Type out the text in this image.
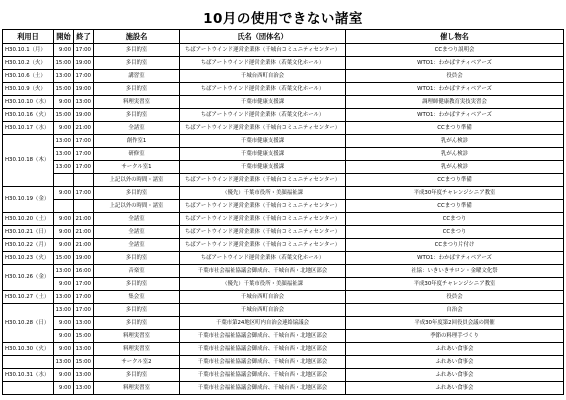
10月の使用できない諸室
利用日	開始	終了	施設名	氏名（団体名）	催し物名
H30.10.1（月）	9:00	17:00	多目的室	ちばアートウインド運営企業体（千城台コミュニティセンター）	CCまつり説明会
H30.10.2（火）	15:00	19:00	多目的室	ちばアートウインド運営企業体（若葉文化ホール）	WTO1：わかばすティベアーズ
H30.10.6（土）	13:00	17:00	講習室	千城台西町自治会	役員会
H30.10.9（火）	15:00	19:00	多目的室	ちばアートウインド運営企業体（若葉文化ホール）	WTO1：わかばすティベアーズ
H30.10.10（水）	9:00	13:00	料理実習室	千葉市健康支援課	調理師健康教育実技実習会
H30.10.16（火）	15:00	19:00	多目的室	ちばアートウインド運営企業体（若葉文化ホール）	WTO1：わかばすティベアーズ
H30.10.17（水）	9:00	21:00	全諸室	ちばアートウインド運営企業体（千城台コミュニティセンター）	CCまつり準備
H30.10.18（木）	13:00	17:00	創作室1	千葉市健康支援課	乳がん検診
	13:00	17:00	研修室	千葉市健康支援課	乳がん検診
	13:00	17:00	サークル室1	千葉市健康支援課	乳がん検診
			上記以外の時間・諸室	ちばアートウインド運営企業体（千城台コミュニティセンター）	CCまつり準備
H30.10.19（金）	9:00	17:00	多目的室	（優先）千葉市役所・美顔福祉課	平成30年度チャレンジシニア教室
			上記以外の時間・諸室	ちばアートウインド運営企業体（千城台コミュニティセンター）	CCまつり準備
H30.10.20（土）	9:00	21:00	全諸室	ちばアートウインド運営企業体（千城台コミュニティセンター）	CCまつり
H30.10.21（日）	9:00	21:00	全諸室	ちばアートウインド運営企業体（千城台コミュニティセンター）	CCまつり
H30.10.22（月）	9:00	21:00	全諸室	ちばアートウインド運営企業体（千城台コミュニティセンター）	CCまつり片付け
H30.10.23（火）	15:00	19:00	多目的室	ちばアートウインド運営企業体（若葉文化ホール）	WTO1：わかばすティベアーズ
H30.10.26（金）	13:00	16:00	音楽室	千葉市社会福祉協議会御成台、千城台西・北地区部会	社協：いきいきサロン・金曜文化祭
	9:00	17:00	多目的室	（優先）千葉市役所・美顔福祉課	平成30年度チャレンジシニア教室
H30.10.27（土）	13:00	17:00	集会室	千城台西町自治会	役員会
H30.10.28（日）	13:00	17:00	多目的室	千城台西町自治会	自治会
	9:00	13:00	多目的室	千葉市第24地区町内自治会連絡協議会	平成30年度第2回役員会議の開催
	9:00	15:00	料理実習室	千葉市社会福祉協議会御成台、千城台西・北地区部会	季節の料理手づくり
H30.10.30（火）	9:00	13:00	料理実習室	千葉市社会福祉協議会御成台、千城台西・北地区部会	ふれあい食事会
	13:00	15:00	サークル室2	千葉市社会福祉協議会御成台、千城台西・北地区部会	ふれあい食事会
H30.10.31（水）	9:00	13:00	多目的室	千葉市社会福祉協議会御成台、千城台西・北地区部会	ふれあい食事会
	9:00	13:00	料理実習室	千葉市社会福祉協議会御成台、千城台西・北地区部会	ふれあい食事会
